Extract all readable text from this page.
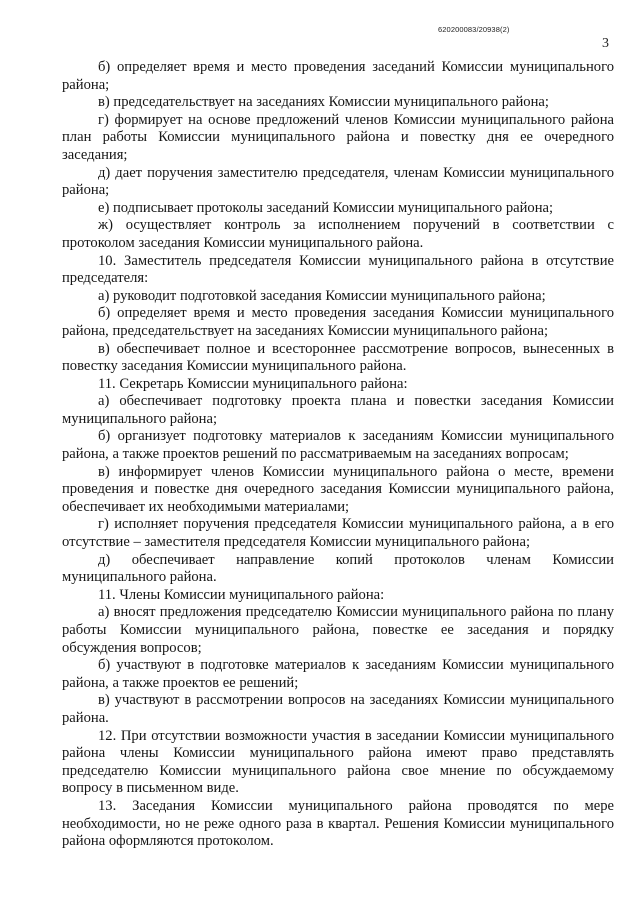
620200083/20938(2)
3

б) определяет время и место проведения заседаний Комиссии муниципального района;

в) председательствует на заседаниях Комиссии муниципального района;

г) формирует на основе предложений членов Комиссии муниципального района план работы Комиссии муниципального района и повестку дня ее очередного заседания;

д) дает поручения заместителю председателя, членам Комиссии муниципального района;

е) подписывает протоколы заседаний Комиссии муниципального района;

ж) осуществляет контроль за исполнением поручений в соответствии с протоколом заседания Комиссии муниципального района.

10. Заместитель председателя Комиссии муниципального района в отсутствие председателя:

а) руководит подготовкой заседания Комиссии муниципального района;

б) определяет время и место проведения заседания Комиссии муниципального района, председательствует на заседаниях Комиссии муниципального района;

в) обеспечивает полное и всестороннее рассмотрение вопросов, вынесенных в повестку заседания Комиссии муниципального района.

11. Секретарь Комиссии муниципального района:

а) обеспечивает подготовку проекта плана и повестки заседания Комиссии муниципального района;

б) организует подготовку материалов к заседаниям Комиссии муниципального района, а также проектов решений по рассматриваемым на заседаниях вопросам;

в) информирует членов Комиссии муниципального района о месте, времени проведения и повестке дня очередного заседания Комиссии муниципального района, обеспечивает их необходимыми материалами;

г) исполняет поручения председателя Комиссии муниципального района, а в его отсутствие – заместителя председателя Комиссии муниципального района;

д) обеспечивает направление копий протоколов членам Комиссии муниципального района.

11. Члены Комиссии муниципального района:

а) вносят предложения председателю Комиссии муниципального района по плану работы Комиссии муниципального района, повестке ее заседания и порядку обсуждения вопросов;

б) участвуют в подготовке материалов к заседаниям Комиссии муниципального района, а также проектов ее решений;

в) участвуют в рассмотрении вопросов на заседаниях Комиссии муниципального района.

12. При отсутствии возможности участия в заседании Комиссии муниципального района члены Комиссии муниципального района имеют право представлять председателю Комиссии муниципального района свое мнение по обсуждаемому вопросу в письменном виде.

13. Заседания Комиссии муниципального района проводятся по мере необходимости, но не реже одного раза в квартал. Решения Комиссии муниципального района оформляются протоколом.
